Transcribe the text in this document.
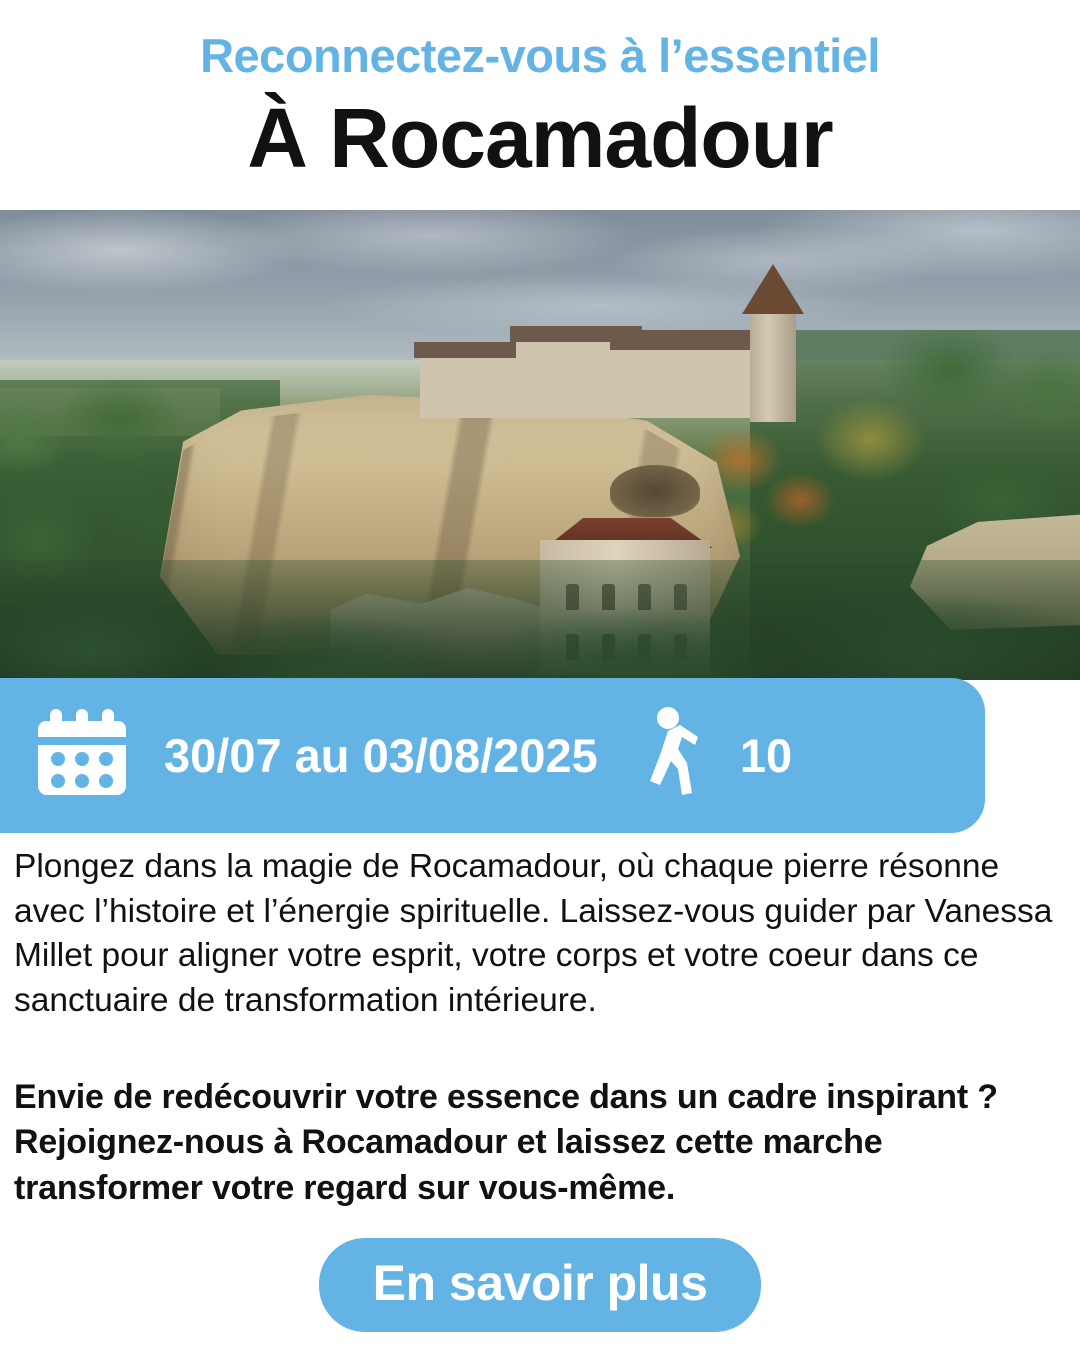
Reconnectez-vous à l’essentiel

À Rocamadour
30/07 au 03/08/2025	10

Plongez dans la magie de Rocamadour, où chaque pierre résonne avec l’histoire et l’énergie spirituelle. Laissez-vous guider par Vanessa Millet pour aligner votre esprit, votre corps et votre coeur dans ce sanctuaire de transformation intérieure.

Envie de redécouvrir votre essence dans un cadre inspirant ? Rejoignez-nous à Rocamadour et laissez cette marche transformer votre regard sur vous-même.

En savoir plus
